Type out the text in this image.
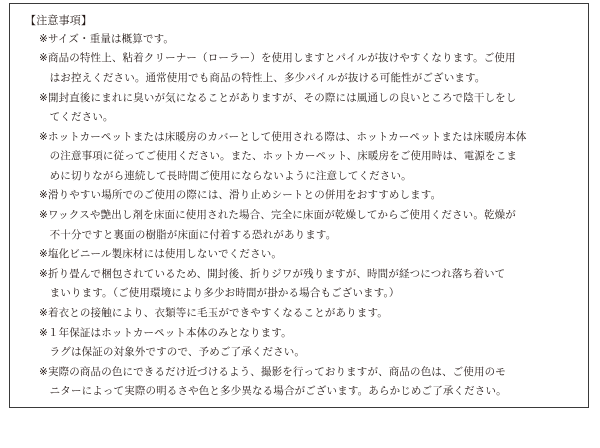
【注意事項】
※サイズ・重量は概算です。
※商品の特性上、粘着クリーナー（ローラー）を使用しますとパイルが抜けやすくなります。ご使用
　はお控えください。通常使用でも商品の特性上、多少パイルが抜ける可能性がございます。
※開封直後にまれに臭いが気になることがありますが、その際には風通しの良いところで陰干しをし
　てください。
※ホットカーペットまたは床暖房のカバーとして使用される際は、ホットカーペットまたは床暖房本体
　の注意事項に従ってご使用ください。また、ホットカーペット、床暖房をご使用時は、電源をこま
　めに切りながら連続して長時間ご使用にならないように注意してください。
※滑りやすい場所でのご使用の際には、滑り止めシートとの併用をおすすめします。
※ワックスや艶出し剤を床面に使用された場合、完全に床面が乾燥してからご使用ください。乾燥が
　不十分ですと裏面の樹脂が床面に付着する恐れがあります。
※塩化ビニール製床材には使用しないでください。
※折り畳んで梱包されているため、開封後、折りジワが残りますが、時間が経つにつれ落ち着いて
　まいります。（ご使用環境により多少お時間が掛かる場合もございます。）
※着衣との接触により、衣類等に毛玉ができやすくなることがあります。
※１年保証はホットカーペット本体のみとなります。
　ラグは保証の対象外ですので、予めご了承ください。
※実際の商品の色にできるだけ近づけるよう、撮影を行っておりますが、商品の色は、ご使用のモ
　ニターによって実際の明るさや色と多少異なる場合がございます。あらかじめご了承ください。
